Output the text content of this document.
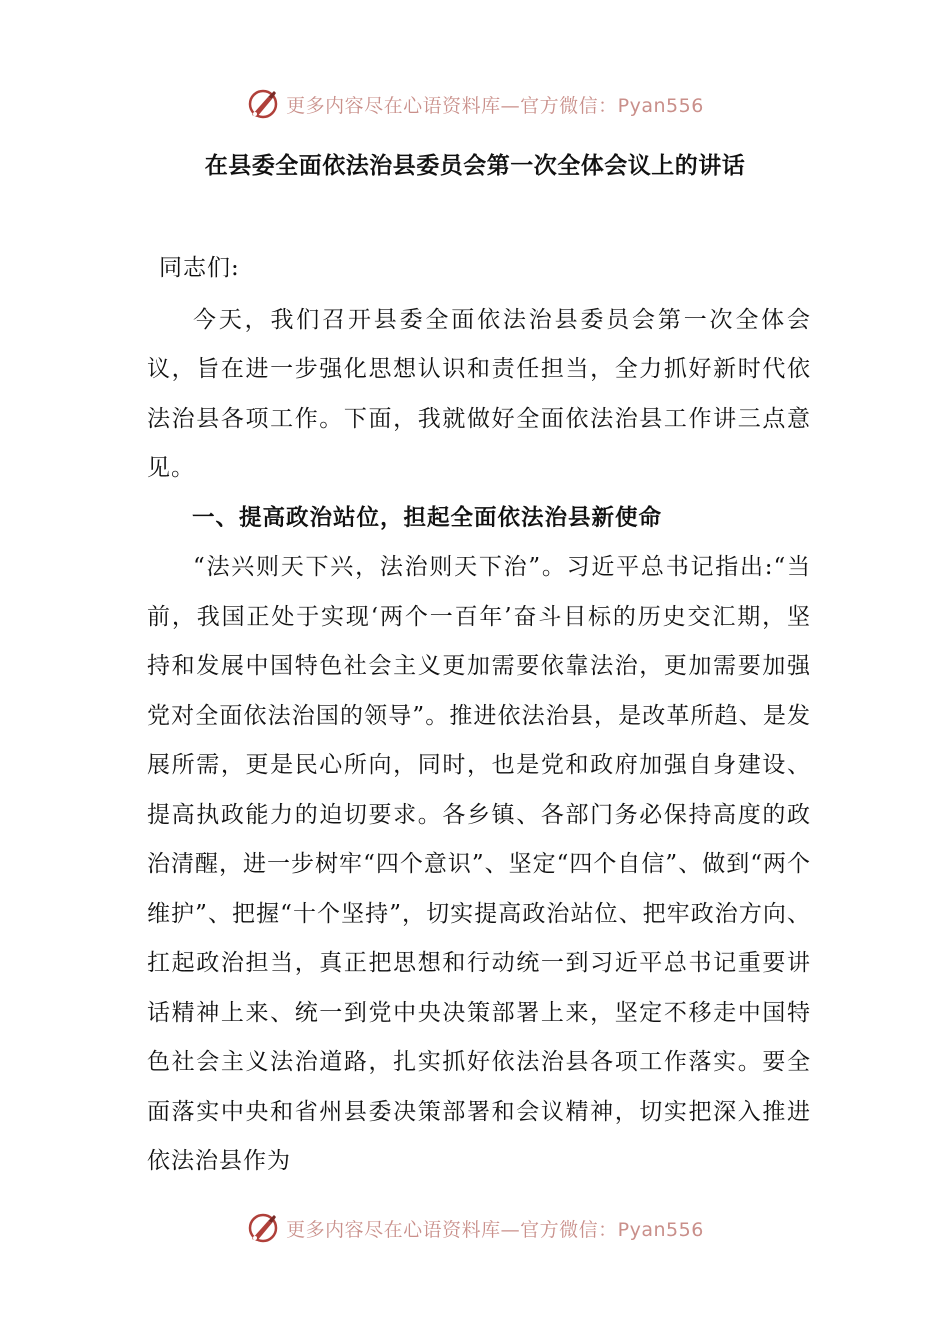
更多内容尽在心语资料库—官方微信：Pyan556
在县委全面依法治县委员会第一次全体会议上的讲话

同志们:

今天，我们召开县委全面依法治县委员会第一次全体会议，旨在进一步强化思想认识和责任担当，全力抓好新时代依法治县各项工作。下面，我就做好全面依法治县工作讲三点意见。

一、提高政治站位，担起全面依法治县新使命

“法兴则天下兴，法治则天下治”。习近平总书记指出:“当前，我国正处于实现‘两个一百年’奋斗目标的历史交汇期，坚持和发展中国特色社会主义更加需要依靠法治，更加需要加强党对全面依法治国的领导”。推进依法治县，是改革所趋、是发展所需，更是民心所向，同时，也是党和政府加强自身建设、提高执政能力的迫切要求。各乡镇、各部门务必保持高度的政治清醒，进一步树牢“四个意识”、坚定“四个自信”、做到“两个维护”、把握“十个坚持”，切实提高政治站位、把牢政治方向、扛起政治担当，真正把思想和行动统一到习近平总书记重要讲话精神上来、统一到党中央决策部署上来，坚定不移走中国特色社会主义法治道路，扎实抓好依法治县各项工作落实。要全面落实中央和省州县委决策部署和会议精神，切实把深入推进依法治县作为

更多内容尽在心语资料库—官方微信：Pyan556
